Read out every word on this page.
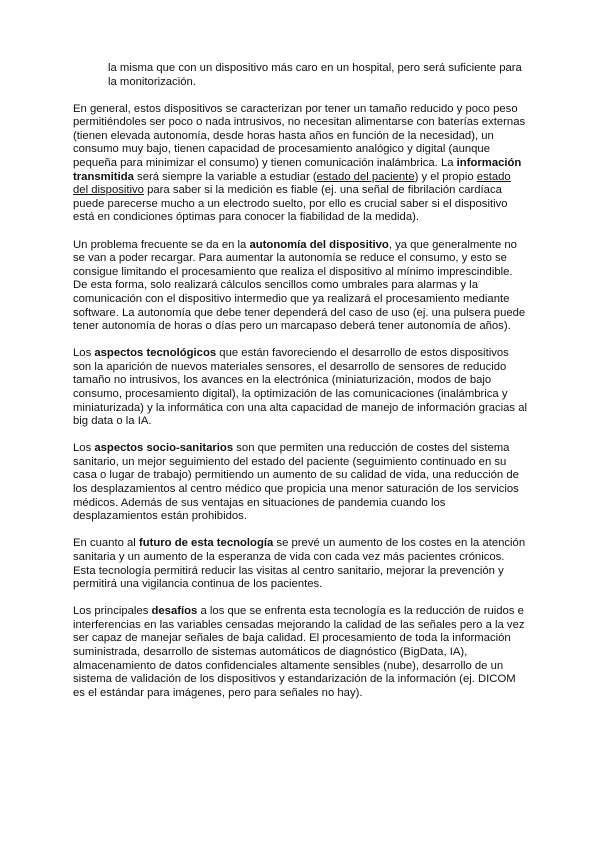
la misma que con un dispositivo más caro en un hospital, pero será suficiente para la monitorización.

En general, estos dispositivos se caracterizan por tener un tamaño reducido y poco peso permitiéndoles ser poco o nada intrusivos, no necesitan alimentarse con baterías externas (tienen elevada autonomía, desde horas hasta años en función de la necesidad), un consumo muy bajo, tienen capacidad de procesamiento analógico y digital (aunque pequeña para minimizar el consumo) y tienen comunicación inalámbrica. La información transmitida será siempre la variable a estudiar (estado del paciente) y el propio estado del dispositivo para saber si la medición es fiable (ej. una señal de fibrilación cardíaca puede parecerse mucho a un electrodo suelto, por ello es crucial saber si el dispositivo está en condiciones óptimas para conocer la fiabilidad de la medida).

Un problema frecuente se da en la autonomía del dispositivo, ya que generalmente no se van a poder recargar. Para aumentar la autonomía se reduce el consumo, y esto se consigue limitando el procesamiento que realiza el dispositivo al mínimo imprescindible. De esta forma, solo realizará cálculos sencillos como umbrales para alarmas y la comunicación con el dispositivo intermedio que ya realizará el procesamiento mediante software. La autonomía que debe tener dependerá del caso de uso (ej. una pulsera puede tener autonomía de horas o días pero un marcapaso deberá tener autonomía de años).

Los aspectos tecnológicos que están favoreciendo el desarrollo de estos dispositivos son la aparición de nuevos materiales sensores, el desarrollo de sensores de reducido tamaño no intrusivos, los avances en la electrónica (miniaturización, modos de bajo consumo, procesamiento digital), la optimización de las comunicaciones (inalámbrica y miniaturizada) y la informática con una alta capacidad de manejo de información gracias al big data o la IA.

Los aspectos socio-sanitarios son que permiten una reducción de costes del sistema sanitario, un mejor seguimiento del estado del paciente (seguimiento continuado en su casa o lugar de trabajo) permitiendo un aumento de su calidad de vida, una reducción de los desplazamientos al centro médico que propicia una menor saturación de los servicios médicos. Además de sus ventajas en situaciones de pandemia cuando los desplazamientos están prohibidos.

En cuanto al futuro de esta tecnología se prevé un aumento de los costes en la atención sanitaria y un aumento de la esperanza de vida con cada vez más pacientes crónicos. Esta tecnología permitirá reducir las visitas al centro sanitario, mejorar la prevención y permitirá una vigilancia continua de los pacientes.

Los principales desafíos a los que se enfrenta esta tecnología es la reducción de ruidos e interferencias en las variables censadas mejorando la calidad de las señales pero a la vez ser capaz de manejar señales de baja calidad. El procesamiento de toda la información suministrada, desarrollo de sistemas automáticos de diagnóstico (BigData, IA), almacenamiento de datos confidenciales altamente sensibles (nube), desarrollo de un sistema de validación de los dispositivos y estandarización de la información (ej. DICOM es el estándar para imágenes, pero para señales no hay).
